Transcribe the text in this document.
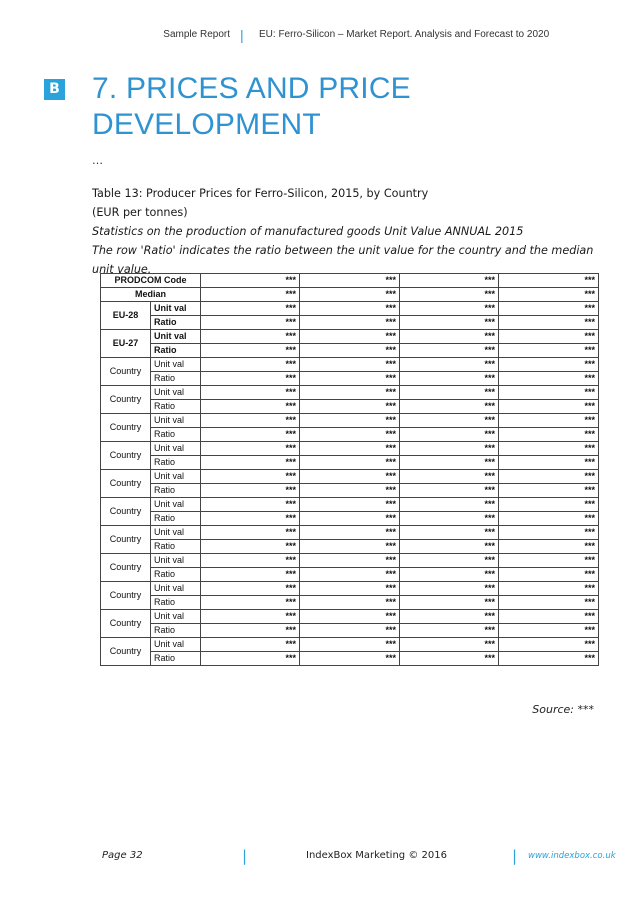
Sample Report | EU: Ferro-Silicon – Market Report. Analysis and Forecast to 2020
B 7. PRICES AND PRICE DEVELOPMENT
…
Table 13: Producer Prices for Ferro-Silicon, 2015, by Country
(EUR per tonnes)
Statistics on the production of manufactured goods Unit Value ANNUAL 2015
The row 'Ratio' indicates the ratio between the unit value for the country and the median unit value.
PRODCOM Code		***	***	***	***
Median		***	***	***	***
EU-28	Unit val	***	***	***	***
	Ratio	***	***	***	***
EU-27	Unit val	***	***	***	***
	Ratio	***	***	***	***
Country	Unit val	***	***	***	***
	Ratio	***	***	***	***
Country	Unit val	***	***	***	***
	Ratio	***	***	***	***
Country	Unit val	***	***	***	***
	Ratio	***	***	***	***
Country	Unit val	***	***	***	***
	Ratio	***	***	***	***
Country	Unit val	***	***	***	***
	Ratio	***	***	***	***
Country	Unit val	***	***	***	***
	Ratio	***	***	***	***
Country	Unit val	***	***	***	***
	Ratio	***	***	***	***
Country	Unit val	***	***	***	***
	Ratio	***	***	***	***
Country	Unit val	***	***	***	***
	Ratio	***	***	***	***
Country	Unit val	***	***	***	***
	Ratio	***	***	***	***
Country	Unit val	***	***	***	***
	Ratio	***	***	***	***
Source: ***
Page 32	|	IndexBox Marketing © 2016	| www.indexbox.co.uk
